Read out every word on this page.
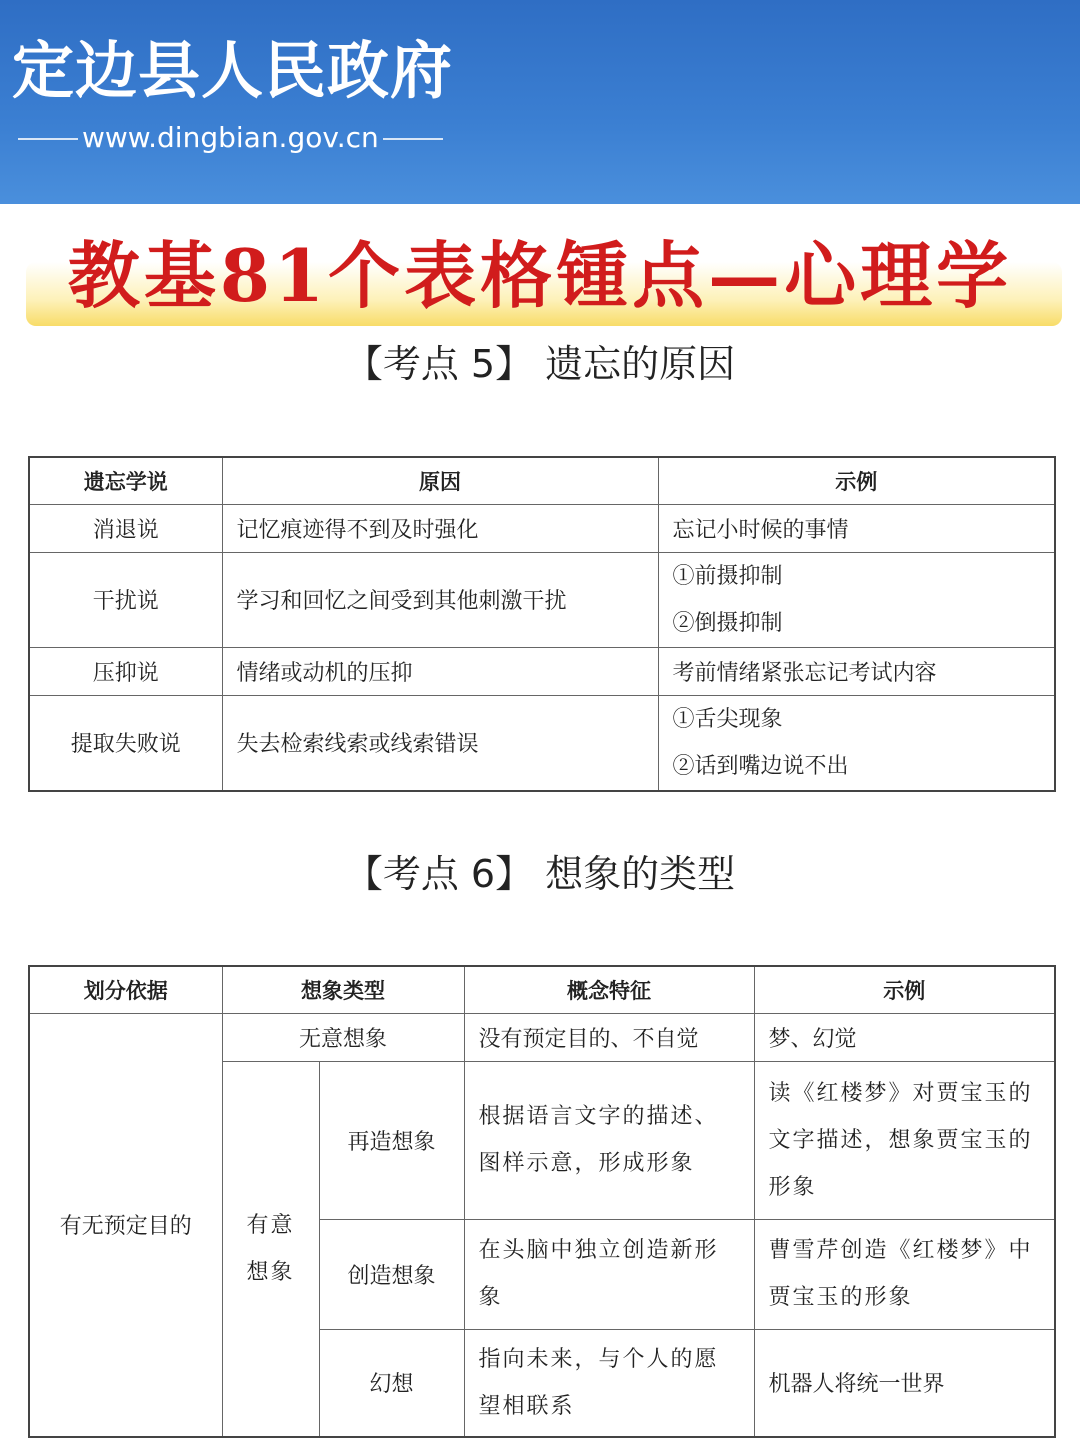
定边县人民政府
www.dingbian.gov.cn
教基81个表格锺点—心理学
【考点 5】 遗忘的原因
遗忘学说	原因	示例
消退说	记忆痕迹得不到及时强化	忘记小时候的事情
干扰说	学习和回忆之间受到其他刺激干扰	①前摄抑制
②倒摄抑制

压抑说	情绪或动机的压抑	考前情绪紧张忘记考试内容
提取失败说	失去检索线索或线索错误	①舌尖现象
②话到嘴边说不出
【考点 6】 想象的类型
划分依据	想象类型		概念特征	示例
有无预定目的	无意想象		没有预定目的、不自觉	梦、幻觉
	有意想象	再造想象	根据语言文字的描述、图样示意，形成形象	读《红楼梦》对贾宝玉的文字描述，想象贾宝玉的形象
		创造想象	在头脑中独立创造新形象	曹雪芹创造《红楼梦》中贾宝玉的形象
		幻想	指向未来，与个人的愿望相联系	机器人将统一世界
